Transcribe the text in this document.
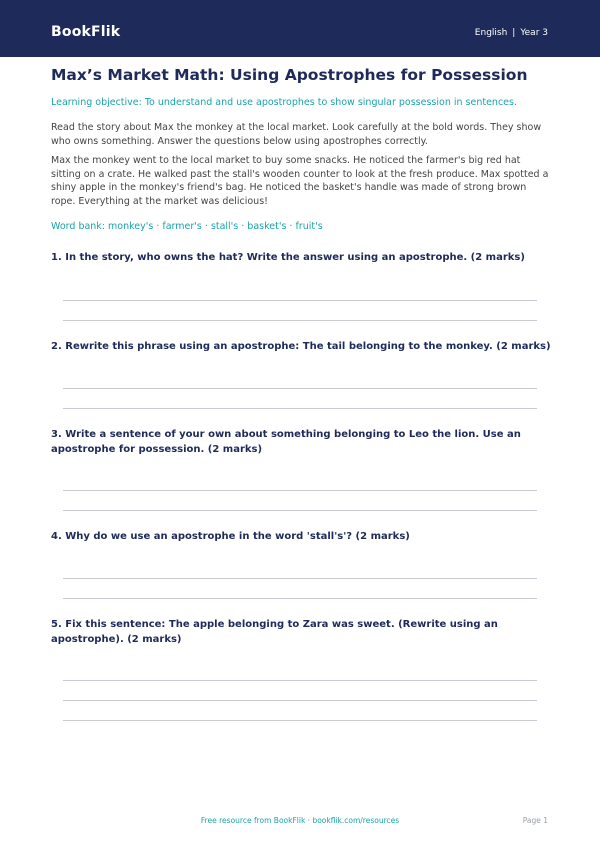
BookFlik	English | Year 3
Max’s Market Math: Using Apostrophes for Possession
Learning objective: To understand and use apostrophes to show singular possession in sentences.
Read the story about Max the monkey at the local market. Look carefully at the bold words. They show who owns something. Answer the questions below using apostrophes correctly.
Max the monkey went to the local market to buy some snacks. He noticed the farmer's big red hat sitting on a crate. He walked past the stall's wooden counter to look at the fresh produce. Max spotted a shiny apple in the monkey's friend's bag. He noticed the basket's handle was made of strong brown rope. Everything at the market was delicious!
Word bank: monkey's · farmer's · stall's · basket's · fruit's
1. In the story, who owns the hat? Write the answer using an apostrophe. (2 marks)
2. Rewrite this phrase using an apostrophe: The tail belonging to the monkey. (2 marks)
3. Write a sentence of your own about something belonging to Leo the lion. Use an apostrophe for possession. (2 marks)
4. Why do we use an apostrophe in the word 'stall's'? (2 marks)
5. Fix this sentence: The apple belonging to Zara was sweet. (Rewrite using an apostrophe). (2 marks)
Free resource from BookFlik · bookflik.com/resources	Page 1
